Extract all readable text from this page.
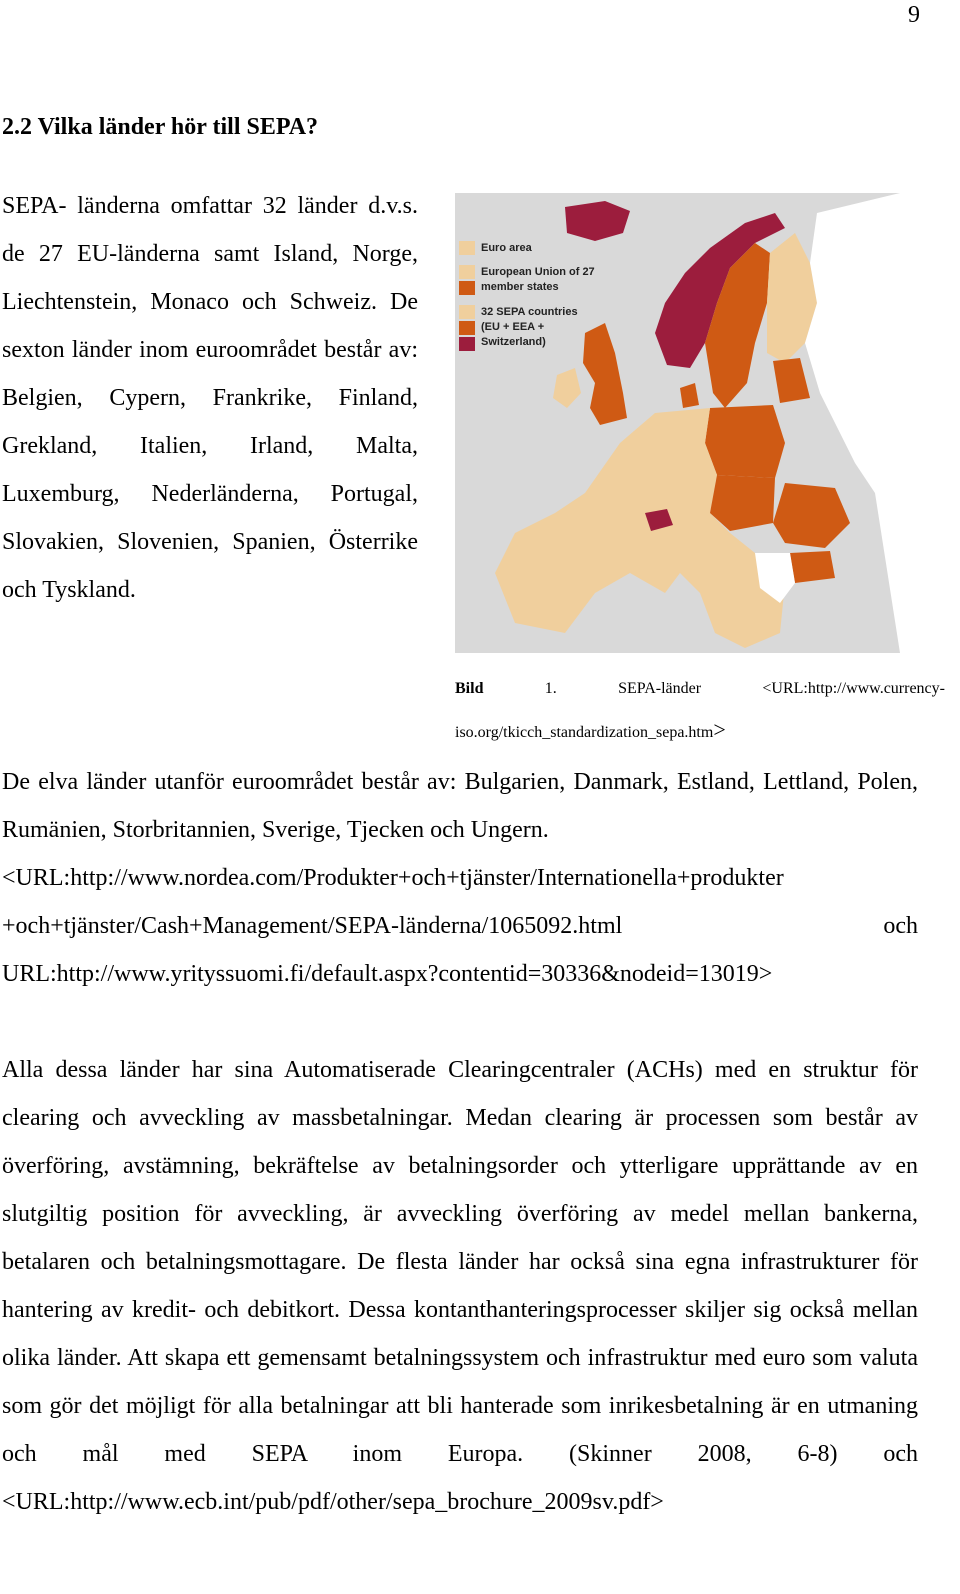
9
2.2 Vilka länder hör till SEPA?
SEPA- länderna omfattar 32 länder d.v.s. de 27 EU-länderna samt Island, Norge, Liechtenstein, Monaco och Schweiz. De sexton länder inom euroområdet består av: Belgien, Cypern, Frankrike, Finland, Grekland, Italien, Irland, Malta, Luxemburg, Nederländerna, Portugal, Slovakien, Slovenien, Spanien, Österrike och Tyskland.
Euro area
European Union of 27 member states
32 SEPA countries (EU + EEA + Switzerland)
Bild	1.	SEPA-länder	<URL:http://www.currency-
iso.org/tkicch_standardization_sepa.htm>

De elva länder utanför euroområdet består av: Bulgarien, Danmark, Estland, Lettland, Polen, Rumänien, Storbritannien, Sverige, Tjecken och Ungern.

<URL:http://www.nordea.com/Produkter+och+tjänster/Internationella+produkter
+och+tjänster/Cash+Management/SEPA-länderna/1065092.html	och
URL:http://www.yrityssuomi.fi/default.aspx?contentid=30336&nodeid=13019>

Alla dessa länder har sina Automatiserade Clearingcentraler (ACHs) med en struktur för clearing och avveckling av massbetalningar. Medan clearing är processen som består av överföring, avstämning, bekräftelse av betalningsorder och ytterligare upprättande av en slutgiltig position för avveckling, är avveckling överföring av medel mellan bankerna, betalaren och betalningsmottagare. De flesta länder har också sina egna infrastrukturer för hantering av kredit- och debitkort. Dessa kontanthanteringsprocesser skiljer sig också mellan olika länder. Att skapa ett gemensamt betalningssystem och infrastruktur med euro som valuta som gör det möjligt för alla betalningar att bli hanterade som inrikesbetalning är en utmaning och mål med SEPA inom Europa. (Skinner 2008, 6-8) och <URL:http://www.ecb.int/pub/pdf/other/sepa_brochure_2009sv.pdf>
